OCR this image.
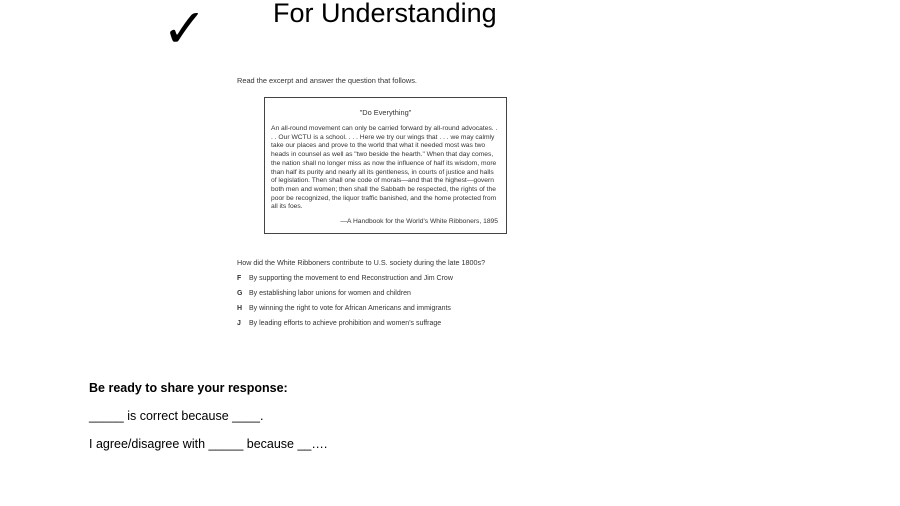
✓ For Understanding

Read the excerpt and answer the question that follows.

"Do Everything"

An all-round movement can only be carried forward by all-round advocates. . . . Our WCTU is a school. . . . Here we try our wings that . . . we may calmly take our places and prove to the world that what it needed most was two heads in counsel as well as "two beside the hearth." When that day comes, the nation shall no longer miss as now the influence of half its wisdom, more than half its purity and nearly all its gentleness, in courts of justice and halls of legislation. Then shall one code of morals—and that the highest—govern both men and women; then shall the Sabbath be respected, the rights of the poor be recognized, the liquor traffic banished, and the home protected from all its foes.

—A Handbook for the World's White Ribboners, 1895

How did the White Ribboners contribute to U.S. society during the late 1800s?

F By supporting the movement to end Reconstruction and Jim Crow
G By establishing labor unions for women and children
H By winning the right to vote for African Americans and immigrants
J By leading efforts to achieve prohibition and women's suffrage

Be ready to share your response:

_____ is correct because ____.

I agree/disagree with _____ because __….
